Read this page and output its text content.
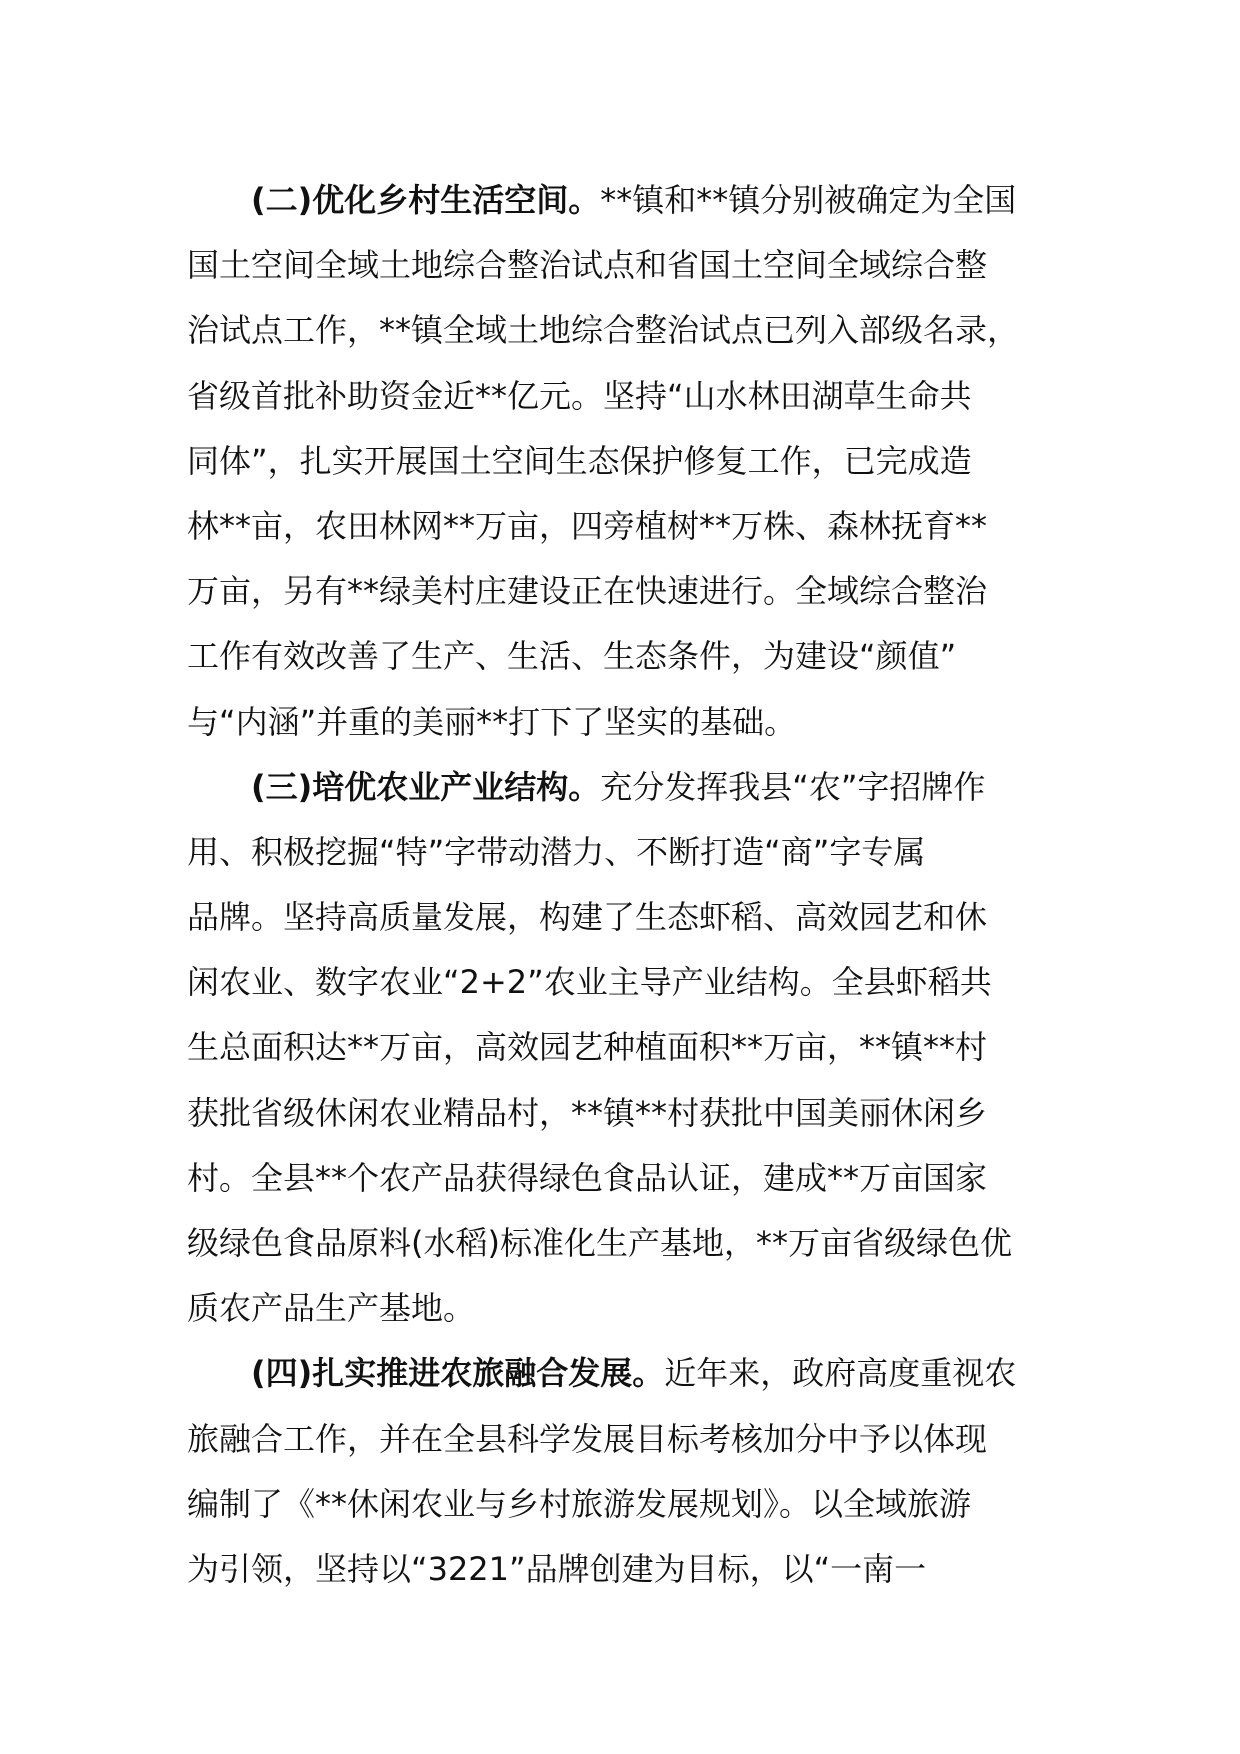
(二)优化乡村生活空间。**镇和**镇分别被确定为全国
国土空间全域土地综合整治试点和省国土空间全域综合整
治试点工作，**镇全域土地综合整治试点已列入部级名录，
省级首批补助资金近**亿元。坚持“山水林田湖草生命共
同体”，扎实开展国土空间生态保护修复工作，已完成造
林**亩，农田林网**万亩，四旁植树**万株、森林抚育**
万亩，另有**绿美村庄建设正在快速进行。全域综合整治
工作有效改善了生产、生活、生态条件，为建设“颜值”
与“内涵”并重的美丽**打下了坚实的基础。
(三)培优农业产业结构。充分发挥我县“农”字招牌作
用、积极挖掘“特”字带动潜力、不断打造“商”字专属
品牌。坚持高质量发展，构建了生态虾稻、高效园艺和休
闲农业、数字农业“2+2”农业主导产业结构。全县虾稻共
生总面积达**万亩，高效园艺种植面积**万亩，**镇**村
获批省级休闲农业精品村，**镇**村获批中国美丽休闲乡
村。全县**个农产品获得绿色食品认证，建成**万亩国家
级绿色食品原料(水稻)标准化生产基地，**万亩省级绿色优
质农产品生产基地。
(四)扎实推进农旅融合发展。近年来，政府高度重视农
旅融合工作，并在全县科学发展目标考核加分中予以体现
编制了《**休闲农业与乡村旅游发展规划》。以全域旅游
为引领，坚持以“3221”品牌创建为目标，以“一南一
